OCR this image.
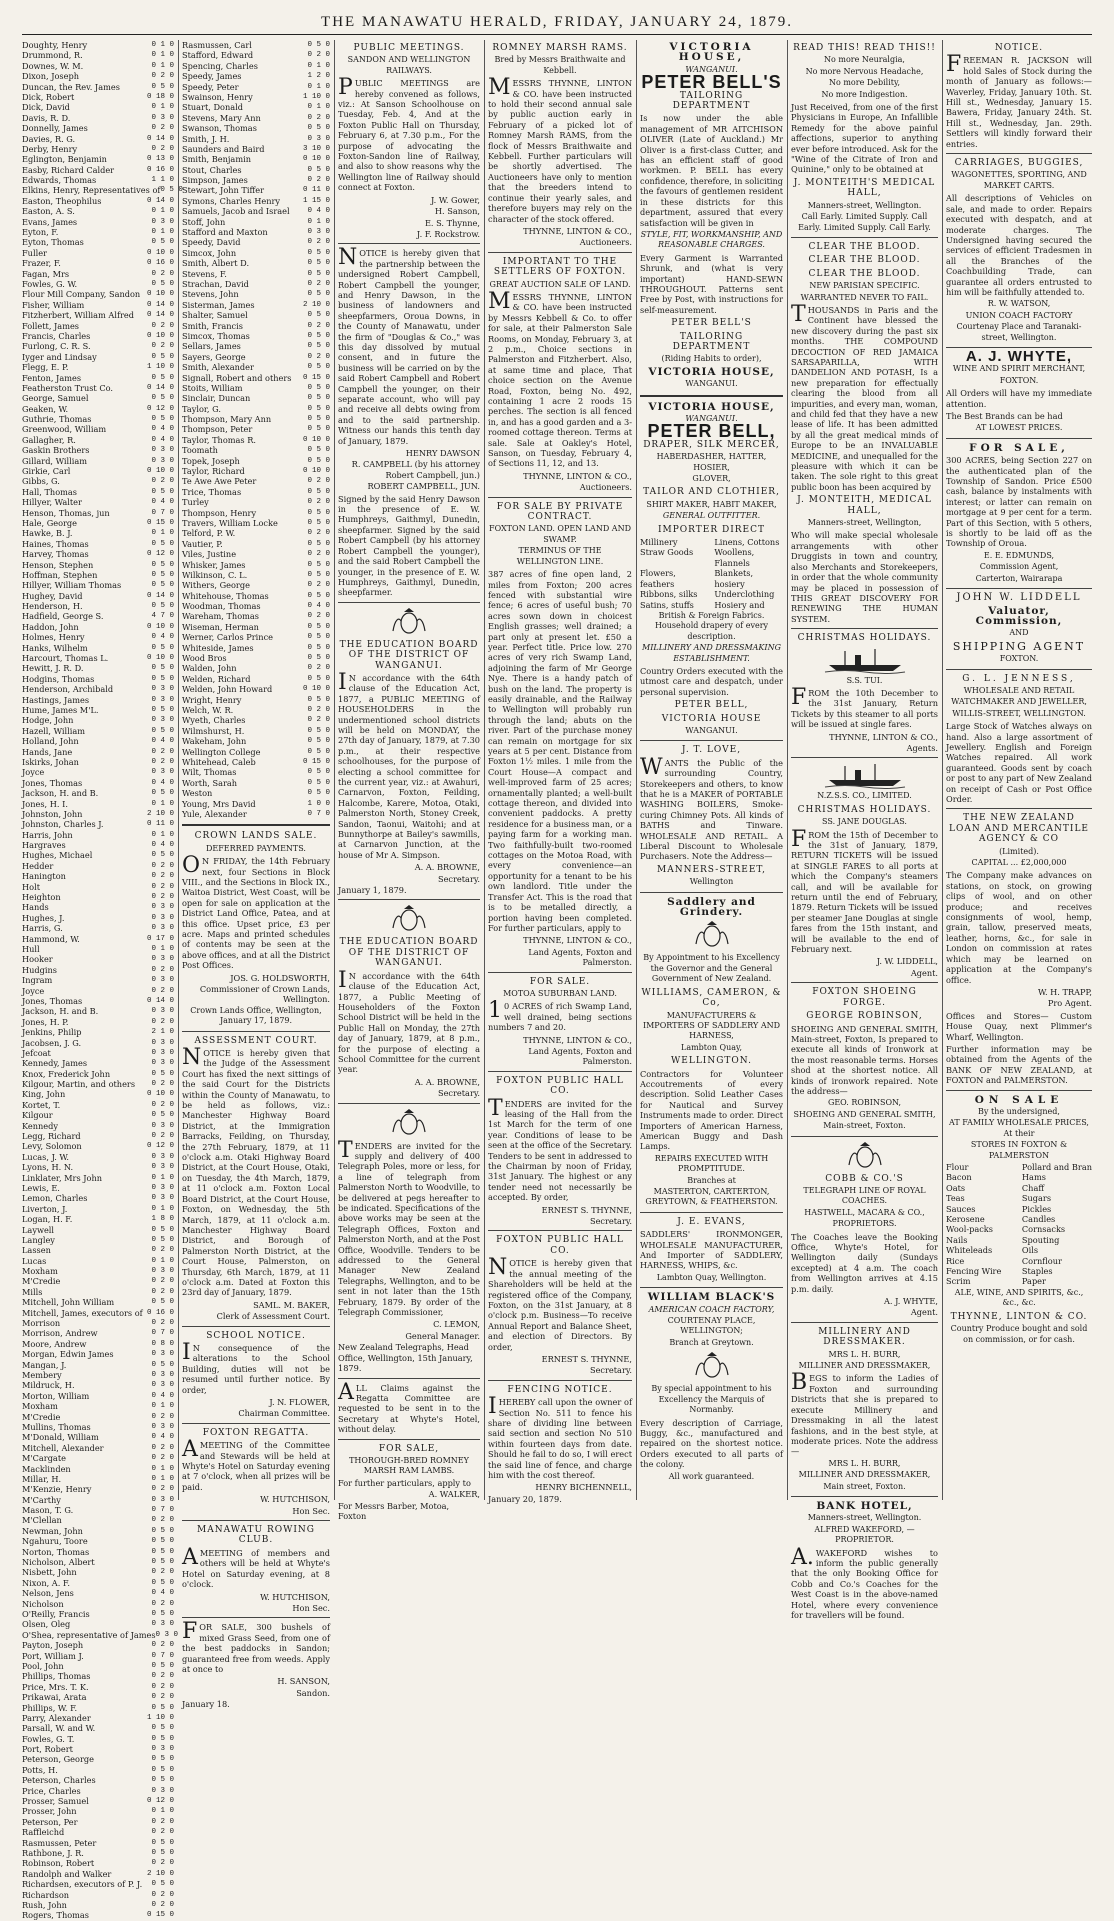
THE MANAWATU HERALD, FRIDAY, JANUARY 24, 1879.
Doughty, Henry	0 1 0
Drummond, R.	0 1 0
Downes, W. M.	0 1 0
Dixon, Joseph	0 2 0
Duncan, the Rev. James	0 5 0
Dick, Robert	0 18 0
Dick, David	0 1 0
Davis, R. D.	0 3 0
Donnelly, James	0 2 0
Davies, R. G.	0 14 0
Derby, Henry	0 2 0
Eglington, Benjamin	0 13 0
Easby, Richard Calder	0 16 0
Edwards, Thomas	1 1 0
Elkins, Henry, Representatives of 0 5 0
Easton, Theophilus	0 14 0
Easton, A. S.	0 1 0
Evans, James	0 3 0
Eyton, F.	0 1 0
Eyton, Thomas	0 5 0
Fuller	0 10 0
Frazer, F.	0 16 0
Fagan, Mrs	0 2 0
Fowles, G. W.	0 5 0
Flour Mill Company, Sandon 0 10 0
Fisher, William	0 14 0
Fitzherbert, William Alfred	0 14 0
Follett, James	0 2 0
Francis, Charles	0 10 0
Furlong, C. R. S.	0 2 0
Iyger and Lindsay	0 5 0
Flegg, E. P.	1 10 0
Fenton, James	0 5 0
Featherston Trust Co.	0 14 0
George, Samuel	0 5 0
Geaken, W.	0 12 0
Guthrie, Thomas	0 5 0
Greenwood, William	0 4 0
Gallagher, R.	0 4 0
Gaskin Brothers	0 3 0
Gillard, William	0 3 0
Girkie, Carl	0 10 0
Gibbs, G.	0 2 0
Hall, Thomas	0 5 0
Hillyer, Walter	0 4 0
Henson, Thomas, jun	0 7 0
Hale, George	0 15 0
Hawke, B. J.	0 1 0
Haines, Thomas	0 5 0
Harvey, Thomas	0 12 0
Henson, Stephen	0 5 0
Hoffman, Stephen	0 5 0
Hillyer, William Thomas	0 5 0
Hughey, David	0 14 0
Henderson, H.	0 5 0
Hadfield, George S.	4 7 0
Haddon, John	0 10 0
Holmes, Henry	0 4 0
Hanks, Wilhelm	0 5 0
Harcourt, Thomas L.	0 10 0
Hewitt, J. R. D.	0 5 0
Hodgins, Thomas	0 5 0
Henderson, Archibald	0 3 0
Hastings, James	0 3 0
Hume, James M'L.	0 5 0
Hodge, John	0 3 0
Hazell, William	0 5 0
Holland, John	0 4 0
Hands, Jane	0 2 0
Iskirks, Johan	0 2 0
Joyce	0 3 0
Jones, Thomas	0 4 0
Jackson, H. and B.	0 5 0
Jones, H. I.	0 1 0
Johnston, John	2 10 0
Johnston, Charles J.	0 11 0
Harris, John	0 1 0
Hargraves	0 4 0
Hughes, Michael	0 5 0
Hedder	0 2 0
Hanington	0 2 0
Holt	0 2 0
Heighton	0 2 0
Hands	0 3 0
Hughes, J.	0 3 0
Harris, G.	0 3 0
Hammond, W.	0 17 0
Hull	0 1 0
Hooker	0 3 0
Hudgins	0 2 0
Ingram	0 3 0
Joyce	0 2 0
Jones, Thomas	0 14 0
Jackson, H. and B.	0 3 0
Jones, H. P.	0 2 0
Jenkins, Philip	2 1 0
Jacobsen, J. G.	0 3 0
Jefcoat	0 3 0
Kennedy, James	0 3 0
Knox, Frederick John	0 5 0
Kilgour, Martin, and others	0 2 0
King, John	0 10 0
Kortet, T.	0 2 0
Kilgour	0 5 0
Kennedy	0 3 0
Legg, Richard	0 2 0
Levy, Solomon	0 12 0
Lucas, J. W.	0 3 0
Lyons, H. N.	0 3 0
Linklater, Mrs John	0 1 0
Lewis, E.	0 3 0
Lemon, Charles	0 3 0
Liverton, J.	0 1 0
Logan, H. F.	1 8 0
Laywell	0 5 0
Langley	0 5 0
Lassen	0 2 0
Lucas	0 1 0
Moxham	0 3 0
M'Credie	0 2 0
Mills	0 2 0
Mitchell, John William	0 5 0
Mitchell, James, executors of 0 16 0
Morrison	0 2 0
Morrison, Andrew	0 7 0
Moore, Andrew	0 8 0
Morgan, Edwin James	0 3 0
Mangan, J.	0 5 0
Membery	0 3 0
Mildruck, H.	0 3 0
Morton, William	0 4 0
Moxham	0 1 0
M'Credie	0 2 0
Mullins, Thomas	0 3 0
M'Donald, William	0 4 0
Mitchell, Alexander	0 2 0
M'Cargate	0 2 0
Macklinden	0 1 0
Millar, H.	0 1 0
M'Kenzie, Henry	0 2 0
M'Carthy	0 3 0
Mason, T. G.	0 7 0
M'Clellan	0 2 0
Newman, John	0 5 0
Ngahuru, Toore	0 5 0
Norton, Thomas	0 5 0
Nicholson, Albert	0 5 0
Nisbett, John	0 2 0
Nixon, A. F.	0 5 0
Nelson, Jens	0 4 0
Nicholson	0 2 0
O'Reilly, Francis	0 5 0
Olsen, Oleg	0 3 0
O'Shea, representative of James 0 3 0
Payton, Joseph	0 2 0
Port, William J.	0 7 0
Pool, John	0 5 0
Phillips, Thomas	0 2 0
Price, Mrs. T. K.	0 2 0
Prikawai, Arata	0 2 0
Phillips, W. F.	0 5 0
Parry, Alexander	1 10 0
Parsall, W. and W.	0 5 0
Fowles, G. T.	0 5 0
Port, Robert	0 3 0
Peterson, George	0 5 0
Potts, H.	0 5 0
Peterson, Charles	0 5 0
Price, Charles	0 3 0
Prosser, Samuel	0 12 0
Prosser, John	0 1 0
Peterson, Per	0 2 0
Raffleichd	0 2 0
Rasmussen, Peter	0 5 0
Rathbone, J. R.	0 5 0
Robinson, Robert	0 2 0
Randolph and Walker	2 10 0
Richardsen, executors of P. J.	0 5 0
Richardson	0 2 0
Rush, John	0 2 0
Rogers, Thomas	0 15 0
Rasmussen, Carl	0 5 0
Stafford, Edward	0 2 0
Spencing, Charles	0 1 0
Speedy, James	1 2 0
Speedy, Peter	0 1 0
Swainson, Henry	1 10 0
Stuart, Donald	0 1 0
Stevens, Mary Ann	0 2 0
Swanson, Thomas	0 5 0
Smith, J. H.	0 3 0
Saunders and Baird	3 10 0
Smith, Benjamin	0 10 0
Stout, Charles	0 5 0
Simpson, James	0 2 0
Stewart, John Tiffer	0 11 0
Symons, Charles Henry	1 15 0
Samuels, Jacob and Israel	0 4 0
Stoff, John	0 1 0
Stafford and Maxton	0 3 0
Speedy, David	0 2 0
Simcox, John	0 5 0
Smith, Albert D.	0 5 0
Stevens, F.	0 5 0
Strachan, David	0 2 0
Stevens, John	0 5 0
Sisterman, James	2 10 0
Shalter, Samuel	0 5 0
Smith, Francis	0 2 0
Simcox, Thomas	0 5 0
Sellars, James	0 5 0
Sayers, George	0 2 0
Smith, Alexander	0 5 0
Signall, Robert and others	0 15 0
Stoits, William	0 5 0
Sinclair, Duncan	0 5 0
Taylor, G.	0 5 0
Thompson, Mary Ann	0 5 0
Thompson, Peter	0 5 0
Taylor, Thomas R.	0 10 0
Toomath	0 5 0
Topek, Joseph	0 5 0
Taylor, Richard	0 10 0
Te Awe Awe Peter	0 2 0
Trice, Thomas	0 5 0
Turley	0 2 0
Thompson, Henry	0 5 0
Travers, William Locke	0 5 0
Telford, P. W.	0 2 0
Vautier, P.	0 5 0
Viles, Justine	0 2 0
Whisker, James	0 5 0
Wilkinson, C. L.	0 5 0
Withers, George	0 2 0
Whitehouse, Thomas	0 5 0
Woodman, Thomas	0 4 0
Wareham, Thomas	0 2 0
Wiseman, Herman	0 5 0
Werner, Carlos Prince	0 5 0
Whiteside, James	0 5 0
Wood Bros	0 5 0
Walden, John	0 2 0
Welden, Richard	0 5 0
Welden, John Howard	0 10 0
Wright, Henry	0 5 0
Welch, W. R.	0 2 0
Wyeth, Charles	0 2 0
Wilmshurst, H.	0 5 0
Wakeham, John	0 5 0
Wellington College	0 5 0
Whitehead, Caleb	0 15 0
Wilt, Thomas	0 5 0
Worth, Sarah	0 5 0
Weston	0 5 0
Young, Mrs David	1 0 0
Yule, Alexander	0 7 0
CROWN LANDS SALE.
DEFERRED PAYMENTS.
ON FRIDAY, the 14th February next, four Sections in Block VIII., and the Sections in Block IX., Waitoa District, West Coast, will be open for sale on application at the District Land Office, Patea, and at this office. Upset price, £3 per acre. Maps and printed schedules of contents may be seen at the above offices, and at all the District Post Offices.
JOS. G. HOLDSWORTH,
Commissioner of Crown Lands, Wellington.
Crown Lands Office, Wellington, January 17, 1879.
ASSESSMENT COURT.
NOTICE is hereby given that the Judge of the Assessment Court has fixed the next sittings of the said Court for the Districts within the County of Manawatu, to be held as follows, viz.: Manchester Highway Board District, at the Immigration Barracks, Feilding, on Thursday, the 27th February, 1879, at 11 o'clock a.m. Otaki Highway Board District, at the Court House, Otaki, on Tuesday, the 4th March, 1879, at 11 o'clock a.m. Foxton Local Board District, at the Court House, Foxton, on Wednesday, the 5th March, 1879, at 11 o'clock a.m. Manchester Highway Board District, and Borough of Palmerston North District, at the Court House, Palmerston, on Thursday, 6th March, 1879, at 11 o'clock a.m. Dated at Foxton this 23rd day of January, 1879.
SAML. M. BAKER,
Clerk of Assessment Court.
SCHOOL NOTICE.
IN consequence of the alterations to the School Building, duties will not be resumed until further notice. By order,
J. N. FLOWER,
Chairman Committee.
FOXTON REGATTA.
AMEETING of the Committee and Stewards will be held at Whyte's Hotel on Saturday evening at 7 o'clock, when all prizes will be paid.
W. HUTCHISON,
Hon Sec.
MANAWATU ROWING CLUB.
AMEETING of members and others will be held at Whyte's Hotel on Saturday evening, at 8 o'clock.
W. HUTCHISON,
Hon Sec.
FOR SALE, 300 bushels of mixed Grass Seed, from one of the best paddocks in Sandon; guaranteed free from weeds. Apply at once to
H. SANSON,
Sandon.
January 18.
PUBLIC MEETINGS.
SANDON AND WELLINGTON RAILWAYS.
PUBLIC MEETINGS are hereby convened as follows, viz.: At Sanson Schoolhouse on Tuesday, Feb. 4, And at the Foxton Public Hall on Thursday, February 6, at 7.30 p.m., For the purpose of advocating the Foxton-Sandon line of Railway, and also to show reasons why the Wellington line of Railway should connect at Foxton.
J. W. Gower,
H. Sanson,
E. S. Thynne,
J. F. Rockstrow.
NOTICE is hereby given that the partnership between the undersigned Robert Campbell, Robert Campbell the younger, and Henry Dawson, in the business of landowners and sheepfarmers, Oroua Downs, in the County of Manawatu, under the firm of "Douglas & Co.," was this day dissolved by mutual consent, and in future the business will be carried on by the said Robert Campbell and Robert Campbell the younger, on their separate account, who will pay and receive all debts owing from and to the said partnership. Witness our hands this tenth day of January, 1879.
HENRY DAWSON
R. CAMPBELL (by his attorney Robert Campbell, jun.)
ROBERT CAMPBELL, JUN.
Signed by the said Henry Dawson in the presence of E. W. Humphreys, Gaithmyl, Dunedin, sheepfarmer. Signed by the said Robert Campbell (by his attorney Robert Campbell the younger), and the said Robert Campbell the younger, in the presence of E. W. Humphreys, Gaithmyl, Dunedin, sheepfarmer.
THE EDUCATION BOARD OF THE DISTRICT OF WANGANUI.
IN accordance with the 64th clause of the Education Act, 1877, a PUBLIC MEETING of HOUSEHOLDERS in the undermentioned school districts will be held on MONDAY, the 27th day of January, 1879, at 7.30 p.m., at their respective schoolhouses, for the purpose of electing a school committee for the current year, viz.: at Awahuri, Carnarvon, Foxton, Feilding, Halcombe, Karere, Motoa, Otaki, Palmerston North, Stoney Creek, Sandon, Taonui, Waitohi; and at Bunnythorpe at Bailey's sawmills, at Carnarvon Junction, at the house of Mr A. Simpson.
A. A. BROWNE,
Secretary.
January 1, 1879.
THE EDUCATION BOARD OF THE DISTRICT OF WANGANUI.
IN accordance with the 64th clause of the Education Act, 1877, a Public Meeting of Householders of the Foxton School District will be held in the Public Hall on Monday, the 27th day of January, 1879, at 8 p.m., for the purpose of electing a School Committee for the current year.
A. A. BROWNE,
Secretary.
TENDERS are invited for the supply and delivery of 400 Telegraph Poles, more or less, for a line of telegraph from Palmerston North to Woodville, to be delivered at pegs hereafter to be indicated. Specifications of the above works may be seen at the Telegraph Offices, Foxton and Palmerston North, and at the Post Office, Woodville. Tenders to be addressed to the General Manager New Zealand Telegraphs, Wellington, and to be sent in not later than the 15th February, 1879. By order of the Telegraph Commissioner,
C. LEMON,
General Manager.
New Zealand Telegraphs, Head Office, Wellington, 15th January, 1879.
ALL Claims against the Regatta Committee are requested to be sent in to the Secretary at Whyte's Hotel, without delay.
FOR SALE,
THOROUGH-BRED ROMNEY MARSH RAM LAMBS.
For further particulars, apply to
A. WALKER,
For Messrs Barber, Motoa, Foxton
ROMNEY MARSH RAMS.
Bred by Messrs Braithwaite and Kebbell.
MESSRS THYNNE, LINTON & CO. have been instructed to hold their second annual sale by public auction early in February of a picked lot of Romney Marsh RAMS, from the flock of Messrs Braithwaite and Kebbell. Further particulars will be shortly advertised. The Auctioneers have only to mention that the breeders intend to continue their yearly sales, and therefore buyers may rely on the character of the stock offered.
THYNNE, LINTON & CO.,
Auctioneers.
IMPORTANT TO THE SETTLERS OF FOXTON.
GREAT AUCTION SALE OF LAND.
MESSRS THYNNE, LINTON & CO. have been instructed by Messrs Kebbell & Co. to offer for sale, at their Palmerston Sale Rooms, on Monday, February 3, at 2 p.m., Choice sections in Palmerston and Fitzherbert. Also, at same time and place, That choice section on the Avenue Road, Foxton, being No. 492, containing 1 acre 2 roods 15 perches. The section is all fenced in, and has a good garden and a 3-roomed cottage thereon. Terms at sale. Sale at Oakley's Hotel, Sanson, on Tuesday, February 4, of Sections 11, 12, and 13.
THYNNE, LINTON & CO.,
Auctioneers.
FOR SALE BY PRIVATE CONTRACT.
FOXTON LAND. OPEN LAND AND SWAMP.
TERMINUS OF THE WELLINGTON LINE.
387 acres of fine open land, 2 miles from Foxton; 200 acres fenced with substantial wire fence; 6 acres of useful bush; 70 acres sown down in choicest English grasses; well drained; a part only at present let. £50 a year. Perfect title. Price low. 270 acres of very rich Swamp Land, adjoining the farm of Mr George Nye. There is a handy patch of bush on the land. The property is easily drainable, and the Railway to Wellington will probably run through the land; abuts on the river. Part of the purchase money can remain on mortgage for six years at 5 per cent. Distance from Foxton 1½ miles. 1 mile from the Court House—A compact and well-improved farm of 25 acres; ornamentally planted; a well-built cottage thereon, and divided into convenient paddocks. A pretty residence for a business man, or a paying farm for a working man. Two faithfully-built two-roomed cottages on the Motoa Road, with every convenience—an opportunity for a tenant to be his own landlord. Title under the Transfer Act. This is the road that is to be metalled directly, a portion having been completed. For further particulars, apply to
THYNNE, LINTON & CO.,
Land Agents, Foxton and Palmerston.
FOR SALE.
MOTOA SUBURBAN LAND.
10 ACRES of rich Swamp Land, well drained, being sections numbers 7 and 20.
THYNNE, LINTON & CO.,
Land Agents, Foxton and Palmerston.
FOXTON PUBLIC HALL CO.
TENDERS are invited for the leasing of the Hall from the 1st March for the term of one year. Conditions of lease to be seen at the office of the Secretary. Tenders to be sent in addressed to the Chairman by noon of Friday, 31st January. The highest or any tender need not necessarily be accepted. By order,
ERNEST S. THYNNE,
Secretary.
FOXTON PUBLIC HALL CO.
NOTICE is hereby given that the annual meeting of the Shareholders will be held at the registered office of the Company, Foxton, on the 31st January, at 8 o'clock p.m. Business—To receive Annual Report and Balance Sheet, and election of Directors. By order,
ERNEST S. THYNNE,
Secretary.
FENCING NOTICE.
IHEREBY call upon the owner of Section No. 511 to fence his share of dividing line between said section and section No 510 within fourteen days from date. Should he fail to do so, I will erect the said line of fence, and charge him with the cost thereof.
HENRY BICHENNELL,
January 20, 1879.
VICTORIA HOUSE,
WANGANUI.
PETER BELL'S
TAILORING DEPARTMENT
Is now under the able management of MR AITCHISON OLIVER (Late of Auckland.) Mr Oliver is a first-class Cutter, and has an efficient staff of good workmen. P. BELL has every confidence, therefore, in soliciting the favours of gentlemen resident in these districts for this department, assured that every satisfaction will be given in
STYLE, FIT, WORKMANSHIP, AND REASONABLE CHARGES.
Every Garment is Warranted Shrunk, and (what is very important) HAND-SEWN THROUGHOUT. Patterns sent Free by Post, with instructions for self-measurement.
PETER BELL'S
TAILORING DEPARTMENT
(Riding Habits to order),
VICTORIA HOUSE,
WANGANUI.
VICTORIA HOUSE,
WANGANUI.
PETER BELL,
DRAPER, SILK MERCER,
HABERDASHER, HATTER, HOSIER,
GLOVER,
TAILOR AND CLOTHIER,
SHIRT MAKER, HABIT MAKER,
GENERAL OUTFITTER.
IMPORTER DIRECT
Millinery	Linens, Cottons
Straw Goods	Woollens, Flannels
Flowers, feathers
Blankets, hosiery
Ribbons, silks	Underclothing
Satins, stuffs	Hosiery and
British & Foreign Fabrics. Household drapery of every description.
MILLINERY AND DRESSMAKING ESTABLISHMENT.
Country Orders executed with the utmost care and despatch, under personal supervision.
PETER BELL,
VICTORIA HOUSE
WANGANUI.
J. T. LOVE,
WANTS the Public of the surrounding Country, Storekeepers and others, to know that he is a MAKER of PORTABLE WASHING BOILERS, Smoke-curing Chimney Pots. All kinds of BATHS and Tinware. WHOLESALE AND RETAIL. A Liberal Discount to Wholesale Purchasers. Note the Address—
MANNERS-STREET,
Wellington
Saddlery and Grindery.
By Appointment to his Excellency the Governor and the General Government of New Zealand.
WILLIAMS, CAMERON, & Co,
MANUFACTURERS & IMPORTERS OF SADDLERY AND HARNESS,
Lambton Quay,
WELLINGTON.
Contractors for Volunteer Accoutrements of every description. Solid Leather Cases for Nautical and Survey Instruments made to order. Direct Importers of American Harness, American Buggy and Dash Lamps.
REPAIRS EXECUTED WITH PROMPTITUDE.
Branches at
MASTERTON, CARTERTON, GREYTOWN, & FEATHERSTON.
J. E. EVANS,
SADDLERS' IRONMONGER, WHOLESALE MANUFACTURER, And Importer of SADDLERY, HARNESS, WHIPS, &c.
Lambton Quay, Wellington.
WILLIAM BLACK'S
AMERICAN COACH FACTORY,
COURTENAY PLACE, WELLINGTON;
Branch at Greytown.
By special appointment to his Excellency the Marquis of Normanby.
Every description of Carriage, Buggy, &c., manufactured and repaired on the shortest notice. Orders executed to all parts of the colony.
All work guaranteed.
READ THIS! READ THIS!!
No more Neuralgia,
No more Nervous Headache,
No more Debility,
No more Indigestion.
Just Received, from one of the first Physicians in Europe, An Infallible Remedy for the above painful affections, superior to anything ever before introduced. Ask for the "Wine of the Citrate of Iron and Quinine," only to be obtained at
J. MONTEITH'S MEDICAL HALL,
Manners-street, Wellington.
Call Early. Limited Supply. Call Early. Limited Supply. Call Early.
CLEAR THE BLOOD.
CLEAR THE BLOOD.
CLEAR THE BLOOD.
NEW PARISIAN SPECIFIC.
WARRANTED NEVER TO FAIL.
THOUSANDS in Paris and the Continent have blessed the new discovery during the past six months. THE COMPOUND DECOCTION OF RED JAMAICA SARSAPARILLA, WITH DANDELION AND POTASH, Is a new preparation for effectually clearing the blood from all impurities, and every man, woman, and child fed that they have a new lease of life. It has been admitted by all the great medical minds of Europe to be an INVALUABLE MEDICINE, and unequalled for the pleasure with which it can be taken. The sole right to this great public boon has been acquired by
J. MONTEITH, MEDICAL HALL,
Manners-street, Wellington,
Who will make special wholesale arrangements with other Druggists in town and country, also Merchants and Storekeepers, in order that the whole community may be placed in possession of THIS GREAT DISCOVERY FOR RENEWING THE HUMAN SYSTEM.
CHRISTMAS HOLIDAYS.
S.S. TUI.
FROM the 10th December to the 31st January, Return Tickets by this steamer to all ports will be issued at single fares.
THYNNE, LINTON & CO.,
Agents.
N.Z.S.S. CO., LIMITED.
CHRISTMAS HOLIDAYS.
SS. JANE DOUGLAS.
FROM the 15th of December to the 31st of January, 1879, RETURN TICKETS will be issued at SINGLE FARES to all ports at which the Company's steamers call, and will be available for return until the end of February, 1879. Return Tickets will be issued per steamer Jane Douglas at single fares from the 15th instant, and will be available to the end of February next.
J. W. LIDDELL,
Agent.
FOXTON SHOEING FORGE.
GEORGE ROBINSON,
SHOEING AND GENERAL SMITH, Main-street, Foxton, Is prepared to execute all kinds of Ironwork at the most reasonable terms. Horses shod at the shortest notice. All kinds of ironwork repaired. Note the address—
GEO. ROBINSON,
SHOEING AND GENERAL SMITH,
Main-street, Foxton.
COBB & CO.'S
TELEGRAPH LINE OF ROYAL COACHES.
HASTWELL, MACARA & CO.,
PROPRIETORS.
The Coaches leave the Booking Office, Whyte's Hotel, for Wellington daily (Sundays excepted) at 4 a.m. The coach from Wellington arrives at 4.15 p.m. daily.
A. J. WHYTE,
Agent.
MILLINERY AND DRESSMAKER.
MRS L. H. BURR,
MILLINER AND DRESSMAKER,
BEGS to inform the Ladies of Foxton and surrounding Districts that she is prepared to execute Millinery and Dressmaking in all the latest fashions, and in the best style, at moderate prices. Note the address—
MRS L. H. BURR,
MILLINER AND DRESSMAKER,
Main street, Foxton.
BANK HOTEL,
Manners-street, Wellington.
ALFRED WAKEFORD, — PROPRIETOR.
A.WAKEFORD wishes to inform the public generally that the only Booking Office for Cobb and Co.'s Coaches for the West Coast is in the above-named Hotel, where every convenience for travellers will be found.
NOTICE.
FREEMAN R. JACKSON will hold Sales of Stock during the month of January as follows:— Waverley, Friday, January 10th. St. Hill st., Wednesday, January 15. Bawera, Friday, January 24th. St. Hill st., Wednesday, Jan. 29th. Settlers will kindly forward their entries.
CARRIAGES, BUGGIES,
WAGONETTES, SPORTING, AND MARKET CARTS.
All descriptions of Vehicles on sale, and made to order. Repairs executed with despatch, and at moderate charges. The Undersigned having secured the services of efficient Tradesmen in all the Branches of the Coachbuilding Trade, can guarantee all orders entrusted to him will be faithfully attended to.
R. W. WATSON,
UNION COACH FACTORY
Courtenay Place and Taranaki-street, Wellington.
A. J. WHYTE,
WINE AND SPIRIT MERCHANT,
FOXTON.
All Orders will have my immediate attention.
The Best Brands can be had
AT LOWEST PRICES.
FOR SALE,
300 ACRES, being Section 227 on the authenticated plan of the Township of Sandon. Price £500 cash, balance by instalments with interest; or latter can remain on mortgage at 9 per cent for a term. Part of this Section, with 5 others, is shortly to be laid off as the Township of Oroua.
E. E. EDMUNDS,
Commission Agent,
Carterton, Wairarapa
JOHN W. LIDDELL
Valuator, Commission,
AND
SHIPPING AGENT
FOXTON.
G. L. JENNESS,
WHOLESALE AND RETAIL
WATCHMAKER AND JEWELLER,
WILLIS-STREET, WELLINGTON.
Large Stock of Watches always on hand. Also a large assortment of Jewellery. English and Foreign Watches repaired. All work guaranteed. Goods sent by coach or post to any part of New Zealand on receipt of Cash or Post Office Order.
THE NEW ZEALAND LOAN AND MERCANTILE AGENCY & CO
(Limited).
CAPITAL ... £2,000,000
The Company make advances on stations, on stock, on growing clips of wool, and on other produce; and receives consignments of wool, hemp, grain, tallow, preserved meats, leather, horns, &c., for sale in London on commission at rates which may be learned on application at the Company's office.
W. H. TRAPP,
Pro Agent.
Offices and Stores— Custom House Quay, next Plimmer's Wharf, Wellington.
Further information may be obtained from the Agents of the BANK OF NEW ZEALAND, at FOXTON and PALMERSTON.
ON SALE
By the undersigned,
AT FAMILY WHOLESALE PRICES, At their
STORES IN FOXTON & PALMERSTON
Flour	Pollard and Bran
Bacon	Hams
Oats	Chaff
Teas	Sugars
Sauces	Pickles
Kerosene	Candles
Wool-packs	Cornsacks
Nails	Spouting
Whiteleads	Oils
Rice	Cornflour
Fencing Wire	Staples
Scrim	Paper
ALE, WINE, AND SPIRITS, &c., &c., &c.
THYNNE, LINTON & CO.
Country Produce bought and sold on commission, or for cash.
